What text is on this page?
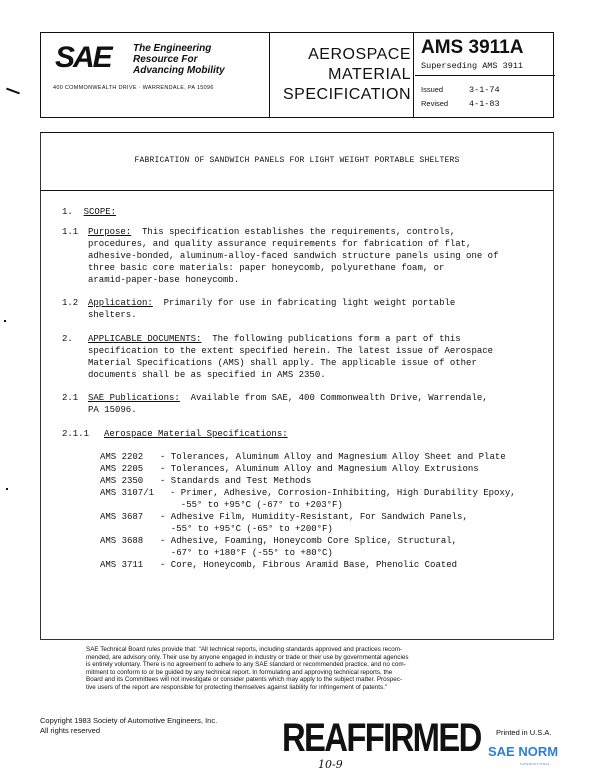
SAE The Engineering
Resource For
Advancing Mobility
400 COMMONWEALTH DRIVE · WARRENDALE, PA 15096
AEROSPACE
MATERIAL
SPECIFICATION
AMS 3911A
Superseding AMS 3911
Issued	3-1-74
Revised 4-1-83
FABRICATION OF SANDWICH PANELS FOR LIGHT WEIGHT PORTABLE SHELTERS
1. SCOPE:
1.1 Purpose: This specification establishes the requirements, controls,
procedures, and quality assurance requirements for fabrication of flat,
adhesive-bonded, aluminum-alloy-faced sandwich structure panels using one of
three basic core materials: paper honeycomb, polyurethane foam, or
aramid-paper-base honeycomb.
1.2 Application: Primarily for use in fabricating light weight portable
shelters.
2. APPLICABLE DOCUMENTS: The following publications form a part of this
specification to the extent specified herein. The latest issue of Aerospace
Material Specifications (AMS) shall apply. The applicable issue of other
documents shall be as specified in AMS 2350.
2.1 SAE Publications: Available from SAE, 400 Commonwealth Drive, Warrendale,
PA 15096.
2.1.1 Aerospace Material Specifications:
AMS 2202 - Tolerances, Aluminum Alloy and Magnesium Alloy Sheet and Plate
AMS 2205 - Tolerances, Aluminum Alloy and Magnesium Alloy Extrusions
AMS 2350 - Standards and Test Methods
AMS 3107/1 - Primer, Adhesive, Corrosion-Inhibiting, High Durability Epoxy,
-55° to +95°C (-67° to +203°F)
AMS 3687 - Adhesive Film, Humidity-Resistant, For Sandwich Panels,
-55° to +95°C (-65° to +200°F)
AMS 3688 - Adhesive, Foaming, Honeycomb Core Splice, Structural,
-67° to +180°F (-55° to +80°C)
AMS 3711 - Core, Honeycomb, Fibrous Aramid Base, Phenolic Coated
SAE Technical Board rules provide that: "All technical reports, including standards approved and practices recom-
mended, are advisory only. Their use by anyone engaged in industry or trade or their use by governmental agencies
is entirely voluntary. There is no agreement to adhere to any SAE standard or recommended practice, and no com-
mitment to conform to or be guided by any technical report. In formulating and approving technical reports, the
Board and its Committees will not investigate or consider patents which may apply to the subject matter. Prospec-
tive users of the report are responsible for protecting themselves against liability for infringement of patents."
Copyright 1983 Society of Automotive Engineers, Inc.
All rights reserved	REAFFIRMED
10-9
Printed in U.S.A.
SAE NORM
INTERNATIONAL
